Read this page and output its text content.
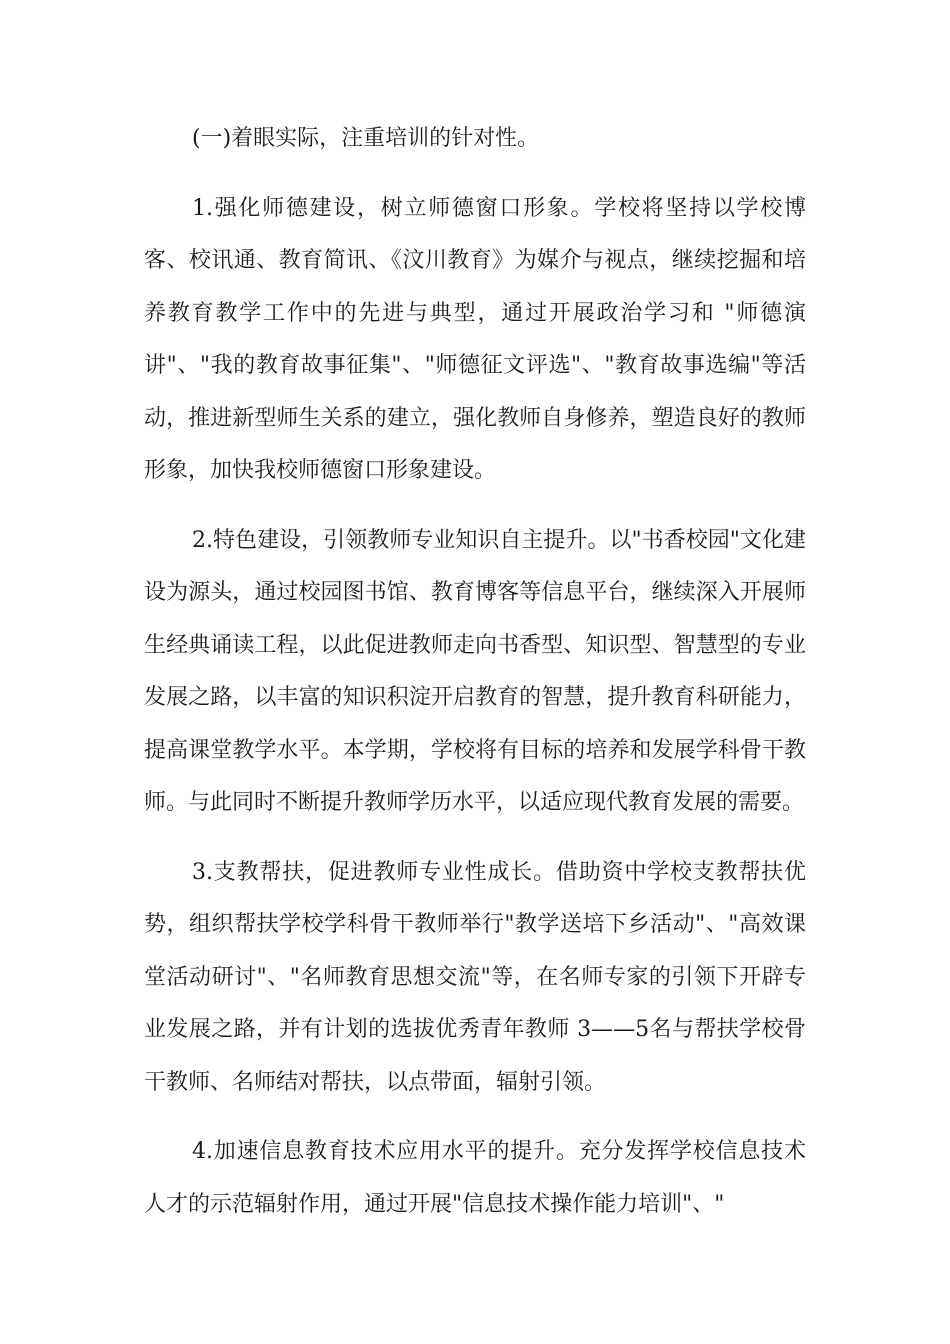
(一)着眼实际，注重培训的针对性。

1.强化师德建设，树立师德窗口形象。学校将坚持以学校博客、校讯通、教育简讯、《汶川教育》为媒介与视点，继续挖掘和培养教育教学工作中的先进与典型，通过开展政治学习和 "师德演讲"、"我的教育故事征集"、"师德征文评选"、"教育故事选编"等活动，推进新型师生关系的建立，强化教师自身修养，塑造良好的教师形象，加快我校师德窗口形象建设。

2.特色建设，引领教师专业知识自主提升。以"书香校园"文化建设为源头，通过校园图书馆、教育博客等信息平台，继续深入开展师生经典诵读工程，以此促进教师走向书香型、知识型、智慧型的专业发展之路，以丰富的知识积淀开启教育的智慧，提升教育科研能力，提高课堂教学水平。本学期，学校将有目标的培养和发展学科骨干教师。与此同时不断提升教师学历水平，以适应现代教育发展的需要。

3.支教帮扶，促进教师专业性成长。借助资中学校支教帮扶优势，组织帮扶学校学科骨干教师举行"教学送培下乡活动"、"高效课堂活动研讨"、"名师教育思想交流"等，在名师专家的引领下开辟专业发展之路，并有计划的选拔优秀青年教师 3——5名与帮扶学校骨干教师、名师结对帮扶，以点带面，辐射引领。

4.加速信息教育技术应用水平的提升。充分发挥学校信息技术人才的示范辐射作用，通过开展"信息技术操作能力培训"、"
